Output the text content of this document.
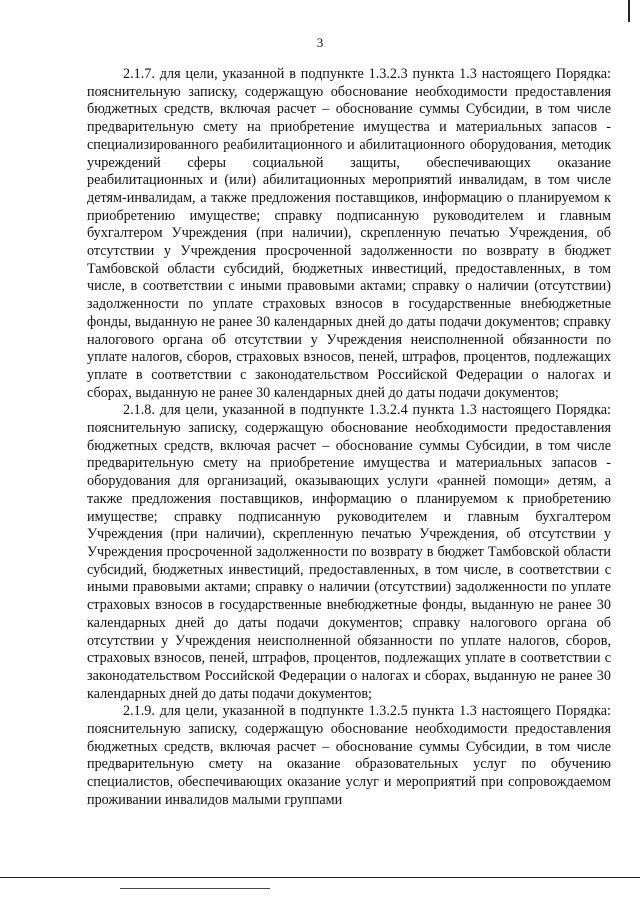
3

2.1.7. для цели, указанной в подпункте 1.3.2.3 пункта 1.3 настоящего Порядка: пояснительную записку, содержащую обоснование необходимости предоставления бюджетных средств, включая расчет – обоснование суммы Субсидии, в том числе предварительную смету на приобретение имущества и материальных запасов - специализированного реабилитационного и абилитационного оборудования, методик учреждений сферы социальной защиты, обеспечивающих оказание реабилитационных и (или) абилитационных мероприятий инвалидам, в том числе детям-инвалидам, а также предложения поставщиков, информацию о планируемом к приобретению имуществе; справку подписанную руководителем и главным бухгалтером Учреждения (при наличии), скрепленную печатью Учреждения, об отсутствии у Учреждения просроченной задолженности по возврату в бюджет Тамбовской области субсидий, бюджетных инвестиций, предоставленных, в том числе, в соответствии с иными правовыми актами; справку о наличии (отсутствии) задолженности по уплате страховых взносов в государственные внебюджетные фонды, выданную не ранее 30 календарных дней до даты подачи документов; справку налогового органа об отсутствии у Учреждения неисполненной обязанности по уплате налогов, сборов, страховых взносов, пеней, штрафов, процентов, подлежащих уплате в соответствии с законодательством Российской Федерации о налогах и сборах, выданную не ранее 30 календарных дней до даты подачи документов;

2.1.8. для цели, указанной в подпункте 1.3.2.4 пункта 1.3 настоящего Порядка: пояснительную записку, содержащую обоснование необходимости предоставления бюджетных средств, включая расчет – обоснование суммы Субсидии, в том числе предварительную смету на приобретение имущества и материальных запасов - оборудования для организаций, оказывающих услуги «ранней помощи» детям, а также предложения поставщиков, информацию о планируемом к приобретению имуществе; справку подписанную руководителем и главным бухгалтером Учреждения (при наличии), скрепленную печатью Учреждения, об отсутствии у Учреждения просроченной задолженности по возврату в бюджет Тамбовской области субсидий, бюджетных инвестиций, предоставленных, в том числе, в соответствии с иными правовыми актами; справку о наличии (отсутствии) задолженности по уплате страховых взносов в государственные внебюджетные фонды, выданную не ранее 30 календарных дней до даты подачи документов; справку налогового органа об отсутствии у Учреждения неисполненной обязанности по уплате налогов, сборов, страховых взносов, пеней, штрафов, процентов, подлежащих уплате в соответствии с законодательством Российской Федерации о налогах и сборах, выданную не ранее 30 календарных дней до даты подачи документов;

2.1.9. для цели, указанной в подпункте 1.3.2.5 пункта 1.3 настоящего Порядка: пояснительную записку, содержащую обоснование необходимости предоставления бюджетных средств, включая расчет – обоснование суммы Субсидии, в том числе предварительную смету на оказание образовательных услуг по обучению специалистов, обеспечивающих оказание услуг и мероприятий при сопровождаемом проживании инвалидов малыми группами
